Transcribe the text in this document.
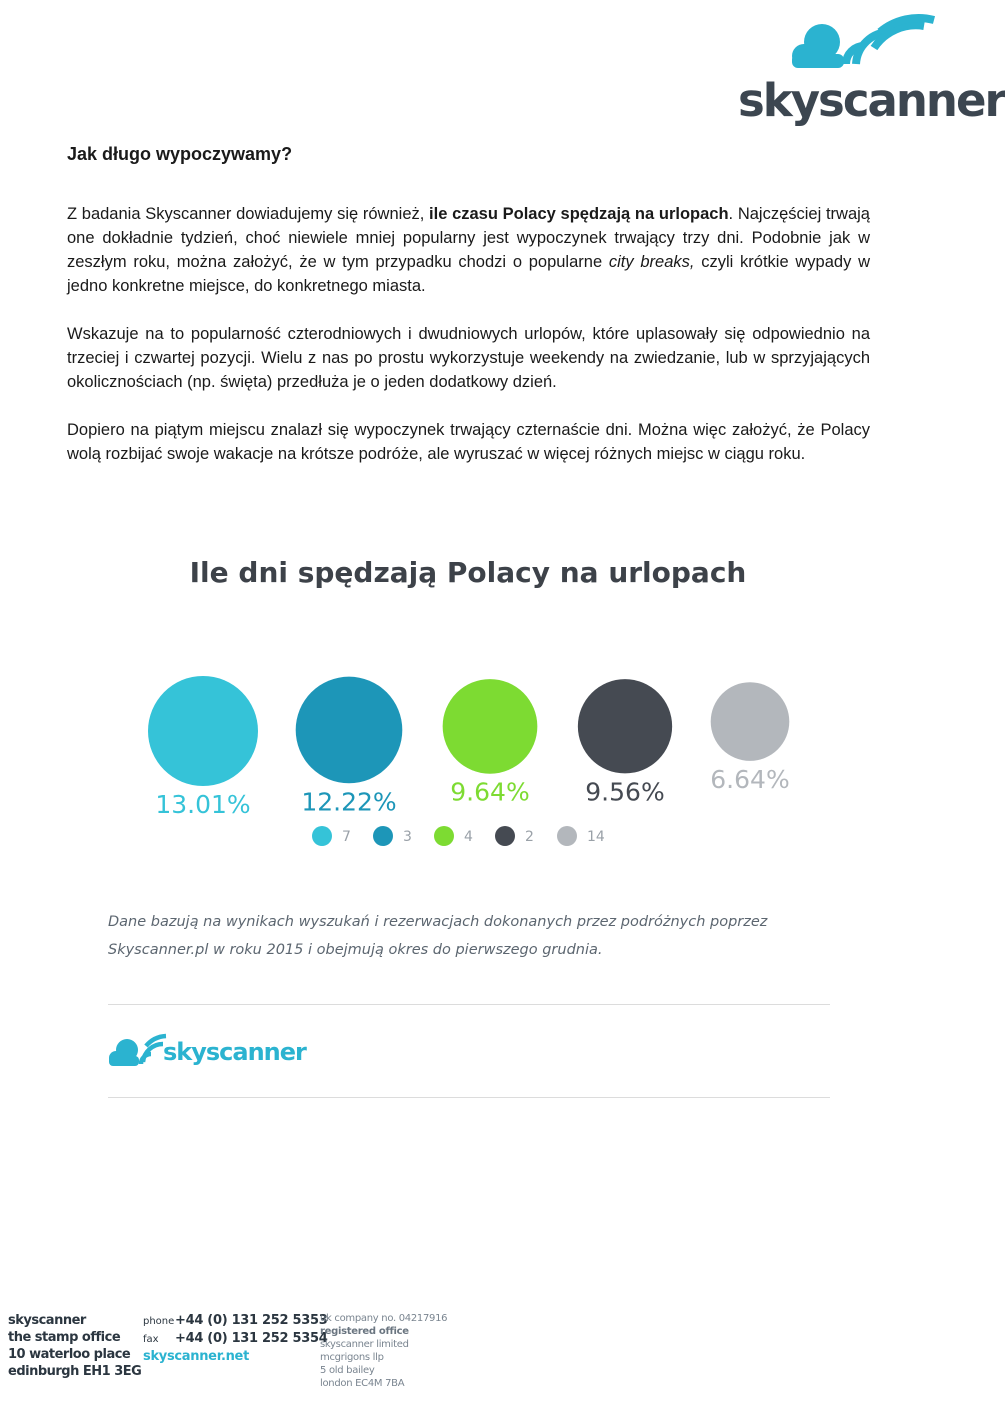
skyscanner
Jak długo wypoczywamy?

Z badania Skyscanner dowiadujemy się również, ile czasu Polacy spędzają na urlopach. Najczęściej trwają one dokładnie tydzień, choć niewiele mniej popularny jest wypoczynek trwający trzy dni. Podobnie jak w zeszłym roku, można założyć, że w tym przypadku chodzi o popularne city breaks, czyli krótkie wypady w jedno konkretne miejsce, do konkretnego miasta.

Wskazuje na to popularność czterodniowych i dwudniowych urlopów, które uplasowały się odpowiednio na trzeciej i czwartej pozycji. Wielu z nas po prostu wykorzystuje weekendy na zwiedzanie, lub w sprzyjających okolicznościach (np. święta) przedłuża je o jeden dodatkowy dzień.

Dopiero na piątym miejscu znalazł się wypoczynek trwający czternaście dni. Można więc założyć, że Polacy wolą rozbijać swoje wakacje na krótsze podróże, ale wyruszać w więcej różnych miejsc w ciągu roku.

Ile dni spędzają Polacy na urlopach
13.01% 12.22% 9.64% 9.56% 6.64%
7	3	4	2	14
Dane bazują na wynikach wyszukań i rezerwacjach dokonanych przez podróżnych poprzez Skyscanner.pl w roku 2015 i obejmują okres do pierwszego grudnia.
skyscanner
skyscanner
the stamp office
10 waterloo place
edinburgh EH1 3EG
phone+44 (0) 131 252 5353
fax +44 (0) 131 252 5354
skyscanner.net
uk company no. 04217916
registered office
skyscanner limited
mcgrigons llp
5 old bailey
london EC4M 7BA
